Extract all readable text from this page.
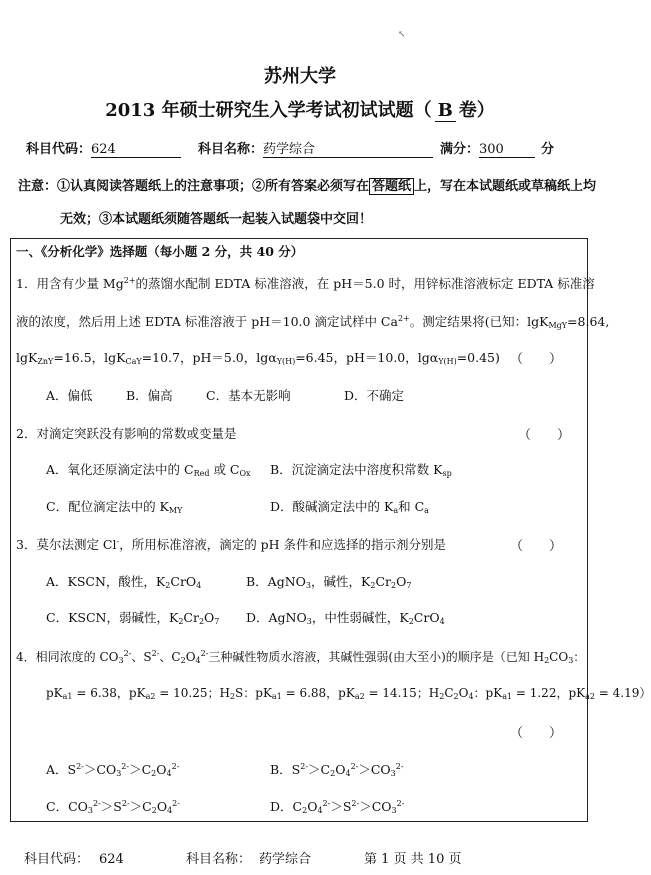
↖
苏州大学
2013 年硕士研究生入学考试初试试题（ B 卷）
科目代码：624	科目名称：药学综合	满分：300	分
注意：①认真阅读答题纸上的注意事项；②所有答案必须写在 答题纸 上，写在本试题纸或草稿纸上均
无效；③本试题纸须随答题纸一起装入试题袋中交回！
一、《分析化学》选择题（每小题 2 分，共 40 分）
1．用含有少量 $Mg^{2+}$的蒸馏水配制 EDTA 标准溶液，在 pH＝5.0 时，用锌标准溶液标定 EDTA 标准溶
液的浓度，然后用上述 EDTA 标准溶液于 pH＝10.0 滴定试样中 $Ca^{2+}$。测定结果将(已知：lgK$_{MgY}$=8.64,
lgK$_{ZnY}$=16.5，lgK$_{CaY}$=10.7，pH＝5.0，lgα$_{Y(H)}$=6.45，pH＝10.0，lgα$_{Y(H)}$=0.45) （　　）
A．偏低	B．偏高	C．基本无影响	D．不确定
2．对滴定突跃没有影响的常数或变量是	（　　）
A．氧化还原滴定法中的 $C_{Red}$ 或 $C_{Ox}$ B．沉淀滴定法中溶度积常数 $K_{sp}$
C．配位滴定法中的 $K_{MY}$	D．酸碱滴定法中的 $K_a$和 $C_a$
3．莫尔法测定 Cl-，所用标准溶液，滴定的 pH 条件和应选择的指示剂分别是	（　　）
A．KSCN，酸性，$K_2CrO_4$	B．AgNO$_3$，碱性，$K_2Cr_2O_7$
C．KSCN，弱碱性，$K_2Cr_2O_7$ D．AgNO$_3$，中性弱碱性，$K_2CrO_4$
4．相同浓度的 $CO_3^{2-}$、$S^{2-}$、$C_2O_4^{2-}$三种碱性物质水溶液，其碱性强弱(由大至小)的顺序是（已知 $H_2CO_3$：
$pK_{a1} = 6.38$，$pK_{a2} = 10.25$；$H_2S$：$pK_{a1} = 6.88$，$pK_{a2} = 14.15$；$H_2C_2O_4$：$pK_{a1} = 1.22$，$pK_{a2} = 4.19$）
（　　）
A．$S^{2-}>CO_3^{2-}>C_2O_4^{2-}$	B．$S^{2-}>C_2O_4^{2-}>CO_3^{2-}$
C．$CO_3^{2-}>S^{2-}>C_2O_4^{2-}$	D．$C_2O_4^{2-}>S^{2-}>CO_3^{2-}$
科目代码： 624	科目名称： 药学综合	第 1 页 共 10 页
